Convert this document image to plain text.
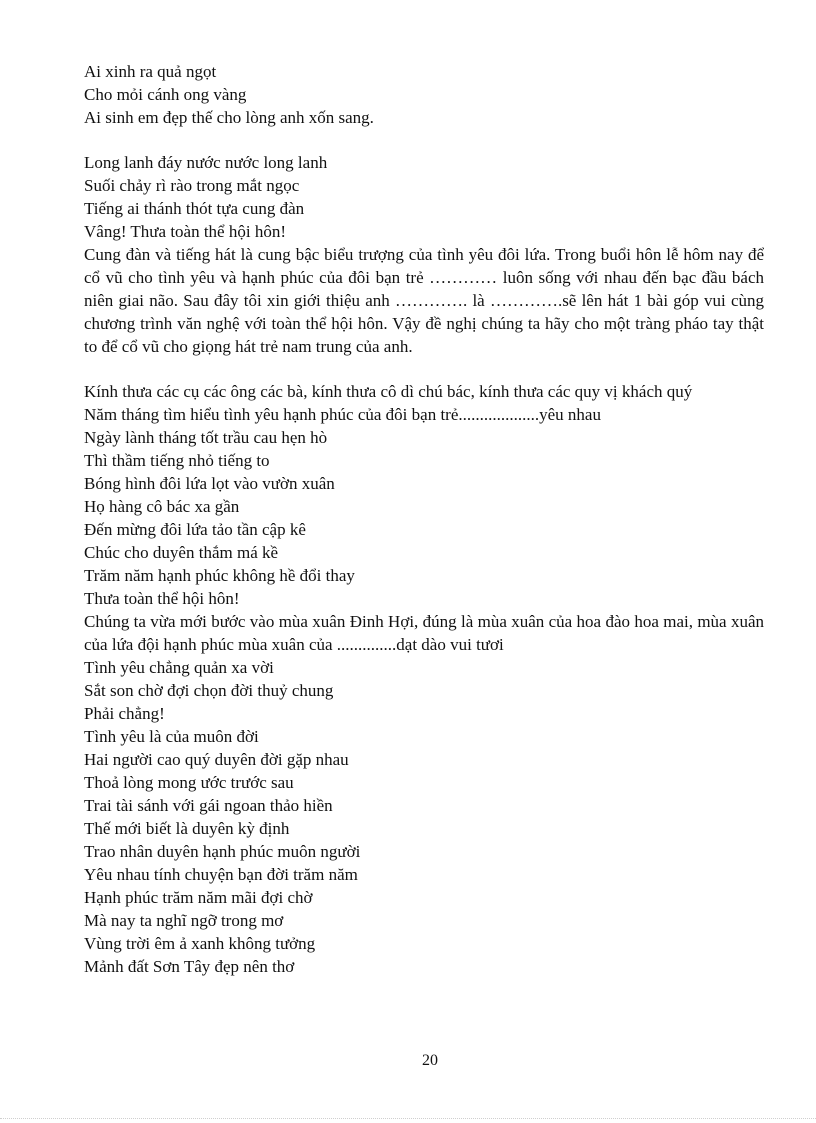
Ai xinh ra quả ngọt
Cho mỏi cánh ong vàng
Ai sinh em đẹp thế cho lòng anh xốn sang.
Long lanh đáy nước nước long lanh
Suối chảy rì rào trong mắt ngọc
Tiếng ai thánh thót tựa cung đàn
Vâng! Thưa toàn thể hội hôn!
Cung đàn và tiếng hát là cung bậc biểu trượng của tình yêu đôi lứa. Trong buổi hôn lễ hôm nay để cổ vũ cho tình yêu và hạnh phúc của đôi bạn trẻ ………… luôn sống với nhau đến bạc đầu bách niên giai não. Sau đây tôi xin giới thiệu anh …………. là ………….sẽ lên hát 1 bài góp vui cùng chương trình văn nghệ với toàn thể hội hôn. Vậy đề nghị chúng ta hãy cho một tràng pháo tay thật to để cổ vũ cho giọng hát trẻ nam trung của anh.
Kính thưa các cụ các ông các bà, kính thưa cô dì chú bác, kính thưa các quy vị khách quý
Năm tháng tìm hiểu tình yêu hạnh phúc của đôi bạn trẻ...................yêu nhau
Ngày lành tháng tốt trầu cau hẹn hò
Thì thầm tiếng nhỏ tiếng to
Bóng hình đôi lứa lọt vào vườn xuân
Họ hàng cô bác xa gần
Đến mừng đôi lứa tảo tần cập kê
Chúc cho duyên thắm má kề
Trăm năm hạnh phúc không hề đổi thay
Thưa toàn thể hội hôn!
Chúng ta vừa mới bước vào mùa xuân Đinh Hợi, đúng là mùa xuân của hoa đào hoa mai, mùa xuân của lứa đội hạnh phúc mùa xuân của ..............dạt dào vui tươi
Tình yêu chẳng quản xa vời
Sắt son chờ đợi chọn đời thuỷ chung
Phải chẳng!
Tình yêu là của muôn đời
Hai người cao quý duyên đời gặp nhau
Thoả lòng mong ước trước sau
Trai tài sánh với gái ngoan thảo hiền
Thế mới biết là duyên kỳ định
Trao nhân duyên hạnh phúc muôn người
Yêu nhau tính chuyện bạn đời trăm năm
Hạnh phúc trăm năm mãi đợi chờ
Mà nay ta nghĩ ngỡ trong mơ
Vùng trời êm ả xanh không tưởng
Mảnh đất Sơn Tây đẹp nên thơ
20
